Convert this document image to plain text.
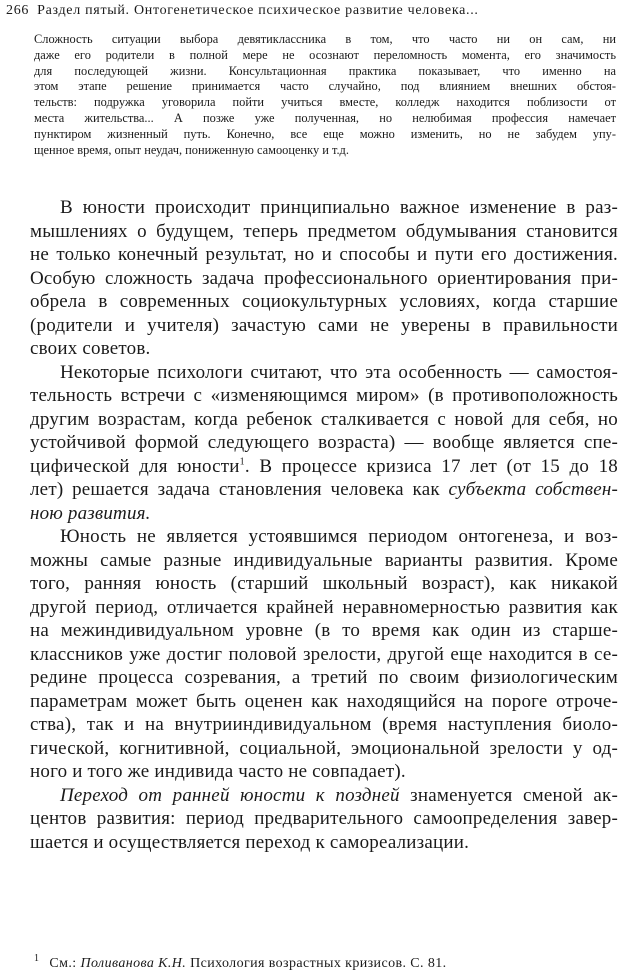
266 Раздел пятый. Онтогенетическое психическое развитие человека...
Сложность ситуации выбора девятиклассника в том, что часто ни он сам, ни
даже его родители в полной мере не осознают переломность момента, его значимость
для последующей жизни. Консультационная практика показывает, что именно на
этом этапе решение принимается часто случайно, под влиянием внешних обстоя-
тельств: подружка уговорила пойти учиться вместе, колледж находится поблизости от
места жительства... А позже уже полученная, но нелюбимая профессия намечает
пунктиром жизненный путь. Конечно, все еще можно изменить, но не забудем упу-
щенное время, опыт неудач, пониженную самооценку и т.д.
В юности происходит принципиально важное изменение в раз-
мышлениях о будущем, теперь предметом обдумывания становится
не только конечный результат, но и способы и пути его достижения.
Особую сложность задача профессионального ориентирования при-
обрела в современных социокультурных условиях, когда старшие
(родители и учителя) зачастую сами не уверены в правильности
своих советов.
Некоторые психологи считают, что эта особенность — самостоя-
тельность встречи с «изменяющимся миром» (в противоположность
другим возрастам, когда ребенок сталкивается с новой для себя, но
устойчивой формой следующего возраста) — вообще является спе-
цифической для юности$^1$. В процессе кризиса 17 лет (от 15 до 18
лет) решается задача становления человека как субъекта собствен-
ною развития.
Юность не является устоявшимся периодом онтогенеза, и воз-
можны самые разные индивидуальные варианты развития. Кроме
того, ранняя юность (старший школьный возраст), как никакой
другой период, отличается крайней неравномерностью развития как
на межиндивидуальном уровне (в то время как один из старше-
классников уже достиг половой зрелости, другой еще находится в се-
редине процесса созревания, а третий по своим физиологическим
параметрам может быть оценен как находящийся на пороге отроче-
ства), так и на внутрииндивидуальном (время наступления биоло-
гической, когнитивной, социальной, эмоциональной зрелости у од-
ного и того же индивида часто не совпадает).
Переход от ранней юности к поздней знаменуется сменой ак-
центов развития: период предварительного самоопределения завер-
шается и осуществляется переход к самореализации.
$^1$ См.: Поливанова К.Н. Психология возрастных кризисов. С. 81.
